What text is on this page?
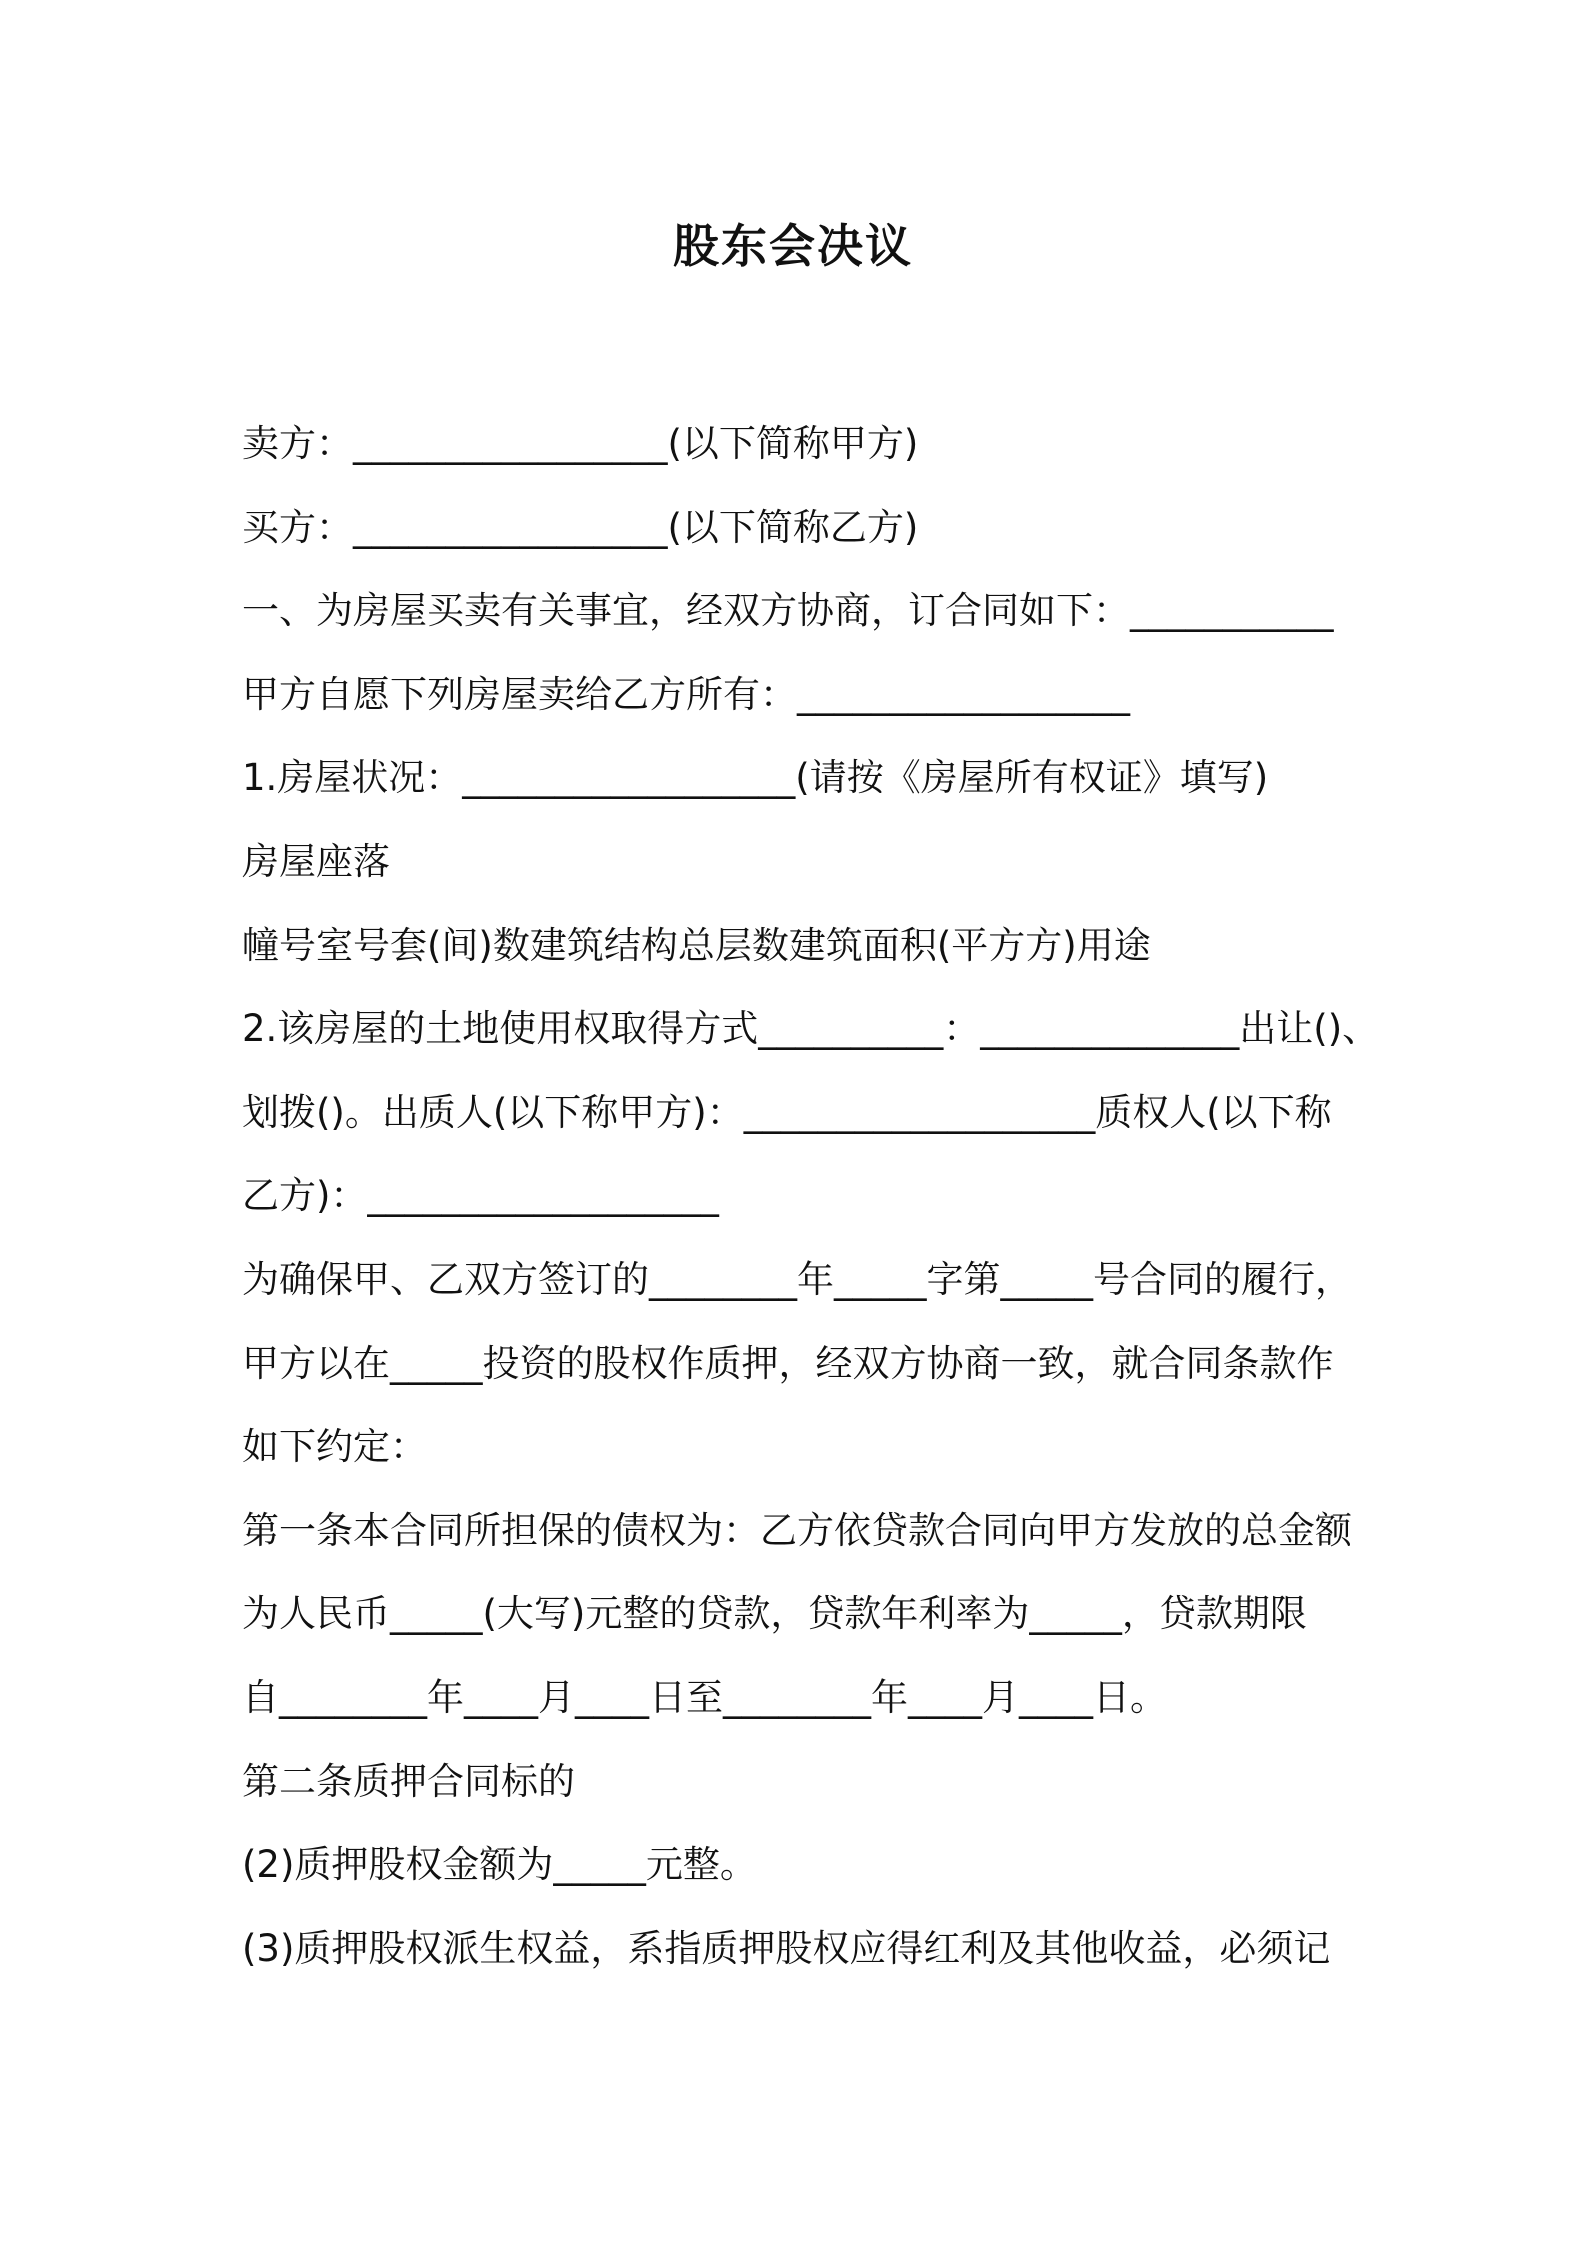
股东会决议
卖方：_________________(以下简称甲方)
买方：_________________(以下简称乙方)
一、为房屋买卖有关事宜，经双方协商，订合同如下：___________
甲方自愿下列房屋卖给乙方所有：__________________
1.房屋状况：__________________(请按《房屋所有权证》填写)
房屋座落
幢号室号套(间)数建筑结构总层数建筑面积(平方方)用途
2.该房屋的土地使用权取得方式__________：______________出让()、
划拨()。出质人(以下称甲方)：___________________质权人(以下称
乙方)：___________________
为确保甲、乙双方签订的________年_____字第_____号合同的履行，
甲方以在_____投资的股权作质押，经双方协商一致，就合同条款作
如下约定：
第一条本合同所担保的债权为：乙方依贷款合同向甲方发放的总金额
为人民币_____(大写)元整的贷款，贷款年利率为_____，贷款期限
自________年____月____日至________年____月____日。
第二条质押合同标的
(2)质押股权金额为_____元整。
(3)质押股权派生权益，系指质押股权应得红利及其他收益，必须记
